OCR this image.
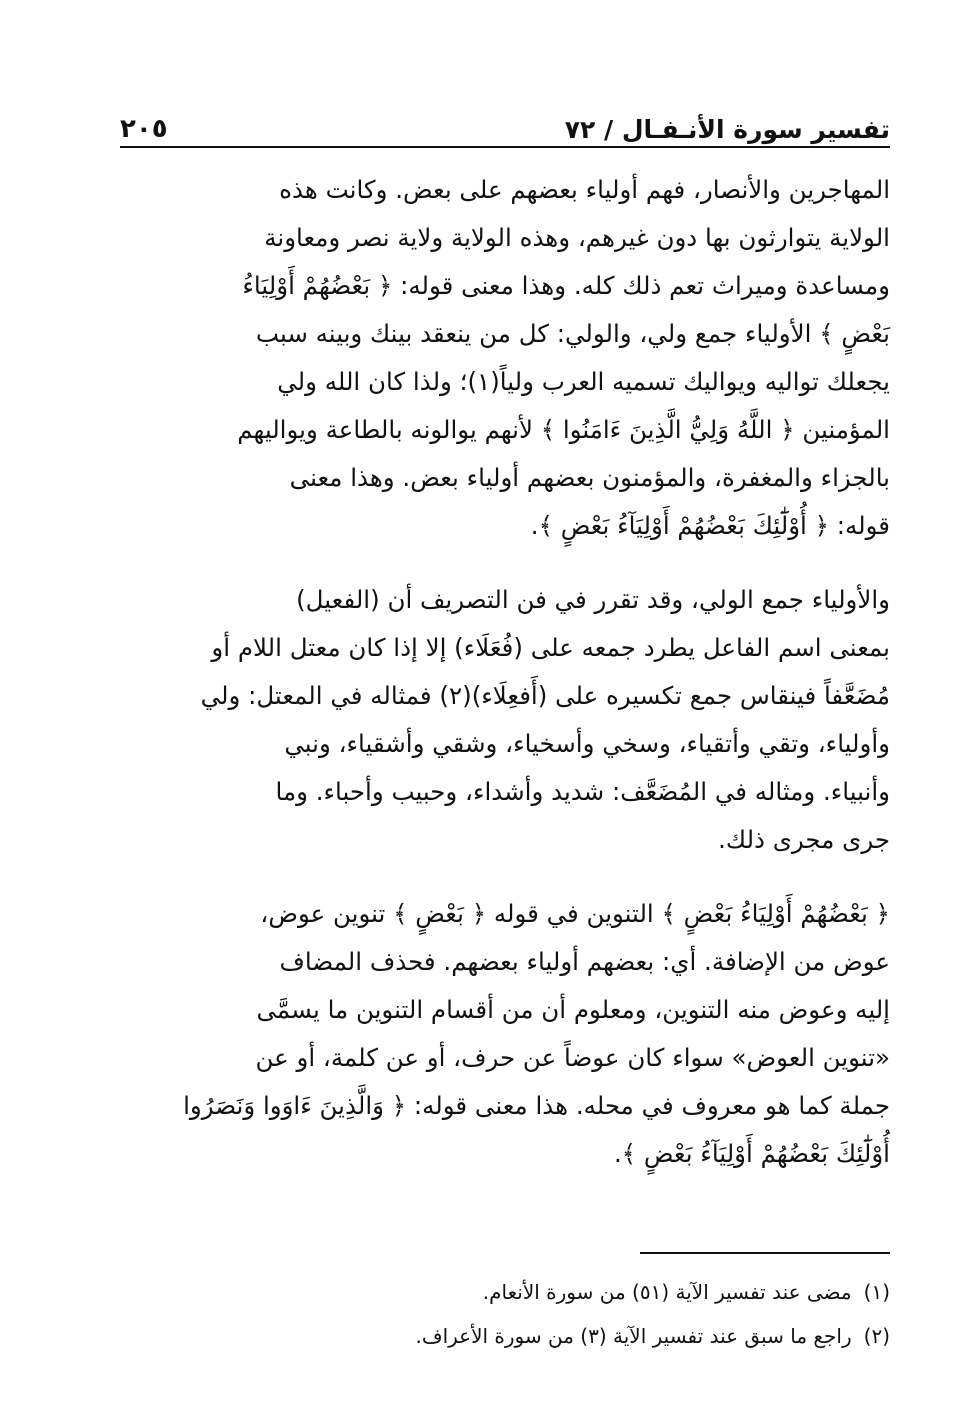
تفسير سورة الأنـفـال / ٧٢
٢٠٥

المهاجرين والأنصار، فهم أولياء بعضهم على بعض. وكانت هذه
الولاية يتوارثون بها دون غيرهم، وهذه الولاية ولاية نصر ومعاونة
ومساعدة وميراث تعم ذلك كله. وهذا معنى قوله: ﴿ بَعْضُهُمْ أَوْلِيَاءُ
بَعْضٍ ﴾ الأولياء جمع ولي، والولي: كل من ينعقد بينك وبينه سبب
يجعلك تواليه ويواليك تسميه العرب ولياً(١)؛ ولذا كان الله ولي
المؤمنين ﴿ اللَّهُ وَلِيُّ الَّذِينَ ءَامَنُوا ﴾ لأنهم يوالونه بالطاعة ويواليهم
بالجزاء والمغفرة، والمؤمنون بعضهم أولياء بعض. وهذا معنى
قوله: ﴿ أُوْلَٰٓئِكَ بَعْضُهُمْ أَوْلِيَآءُ بَعْضٍ ﴾.

والأولياء جمع الولي، وقد تقرر في فن التصريف أن (الفعيل)
بمعنى اسم الفاعل يطرد جمعه على (فُعَلَاء) إلا إذا كان معتل اللام أو
مُضَعَّفاً فينقاس جمع تكسيره على (أَفعِلَاء)(٢) فمثاله في المعتل: ولي
وأولياء، وتقي وأتقياء، وسخي وأسخياء، وشقي وأشقياء، ونبي
وأنبياء. ومثاله في المُضَعَّف: شديد وأشداء، وحبيب وأحباء. وما
جرى مجرى ذلك.

﴿ بَعْضُهُمْ أَوْلِيَاءُ بَعْضٍ ﴾ التنوين في قوله ﴿ بَعْضٍ ﴾ تنوين عوض،
عوض من الإضافة. أي: بعضهم أولياء بعضهم. فحذف المضاف
إليه وعوض منه التنوين، ومعلوم أن من أقسام التنوين ما يسمَّى
«تنوين العوض» سواء كان عوضاً عن حرف، أو عن كلمة، أو عن
جملة كما هو معروف في محله. هذا معنى قوله: ﴿ وَالَّذِينَ ءَاوَوا وَنَصَرُوا
أُوْلَٰٓئِكَ بَعْضُهُمْ أَوْلِيَآءُ بَعْضٍ ﴾.

(١)مضى عند تفسير الآية (٥١) من سورة الأنعام.
(٢)راجع ما سبق عند تفسير الآية (٣) من سورة الأعراف.
